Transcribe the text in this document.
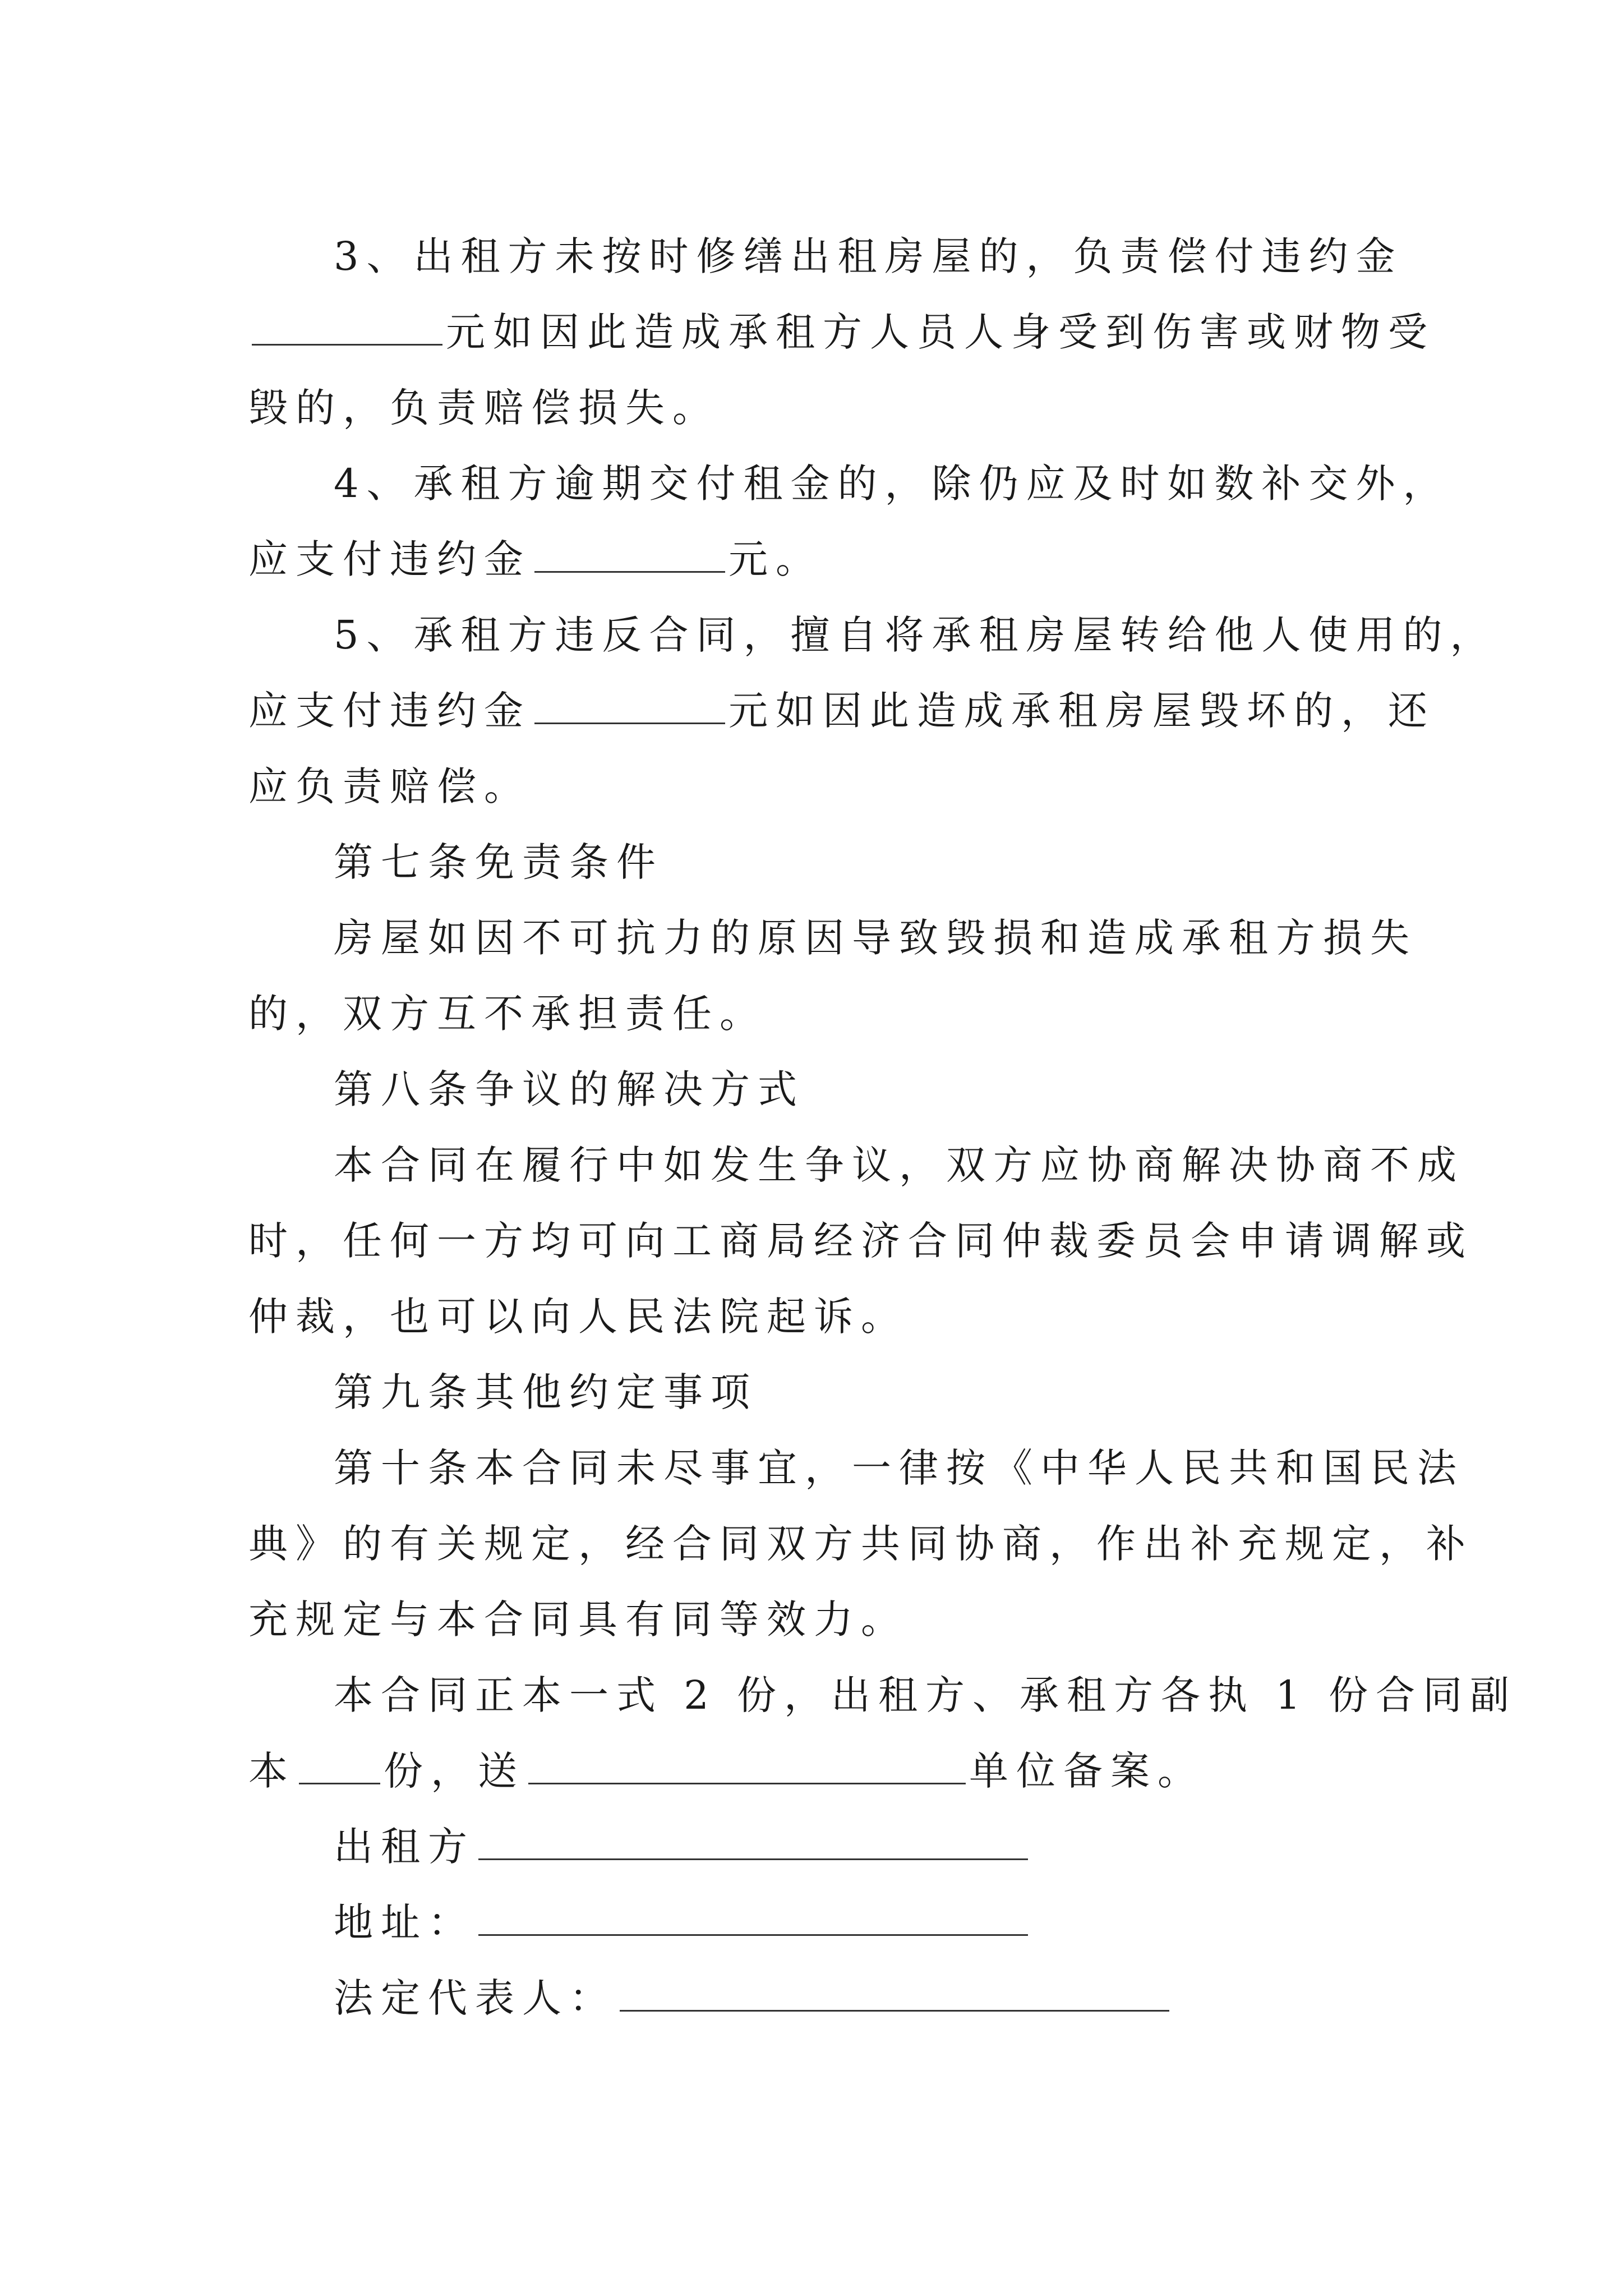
3、出租方未按时修缮出租房屋的，负责偿付违约金
元如因此造成承租方人员人身受到伤害或财物受
毁的，负责赔偿损失。
4、承租方逾期交付租金的，除仍应及时如数补交外，
应支付违约金	元。
5、承租方违反合同，擅自将承租房屋转给他人使用的，
应支付违约金	元如因此造成承租房屋毁坏的，还
应负责赔偿。
第七条免责条件
房屋如因不可抗力的原因导致毁损和造成承租方损失
的，双方互不承担责任。
第八条争议的解决方式
本合同在履行中如发生争议，双方应协商解决协商不成
时，任何一方均可向工商局经济合同仲裁委员会申请调解或
仲裁，也可以向人民法院起诉。
第九条其他约定事项
第十条本合同未尽事宜，一律按《中华人民共和国民法
典》的有关规定，经合同双方共同协商，作出补充规定，补
充规定与本合同具有同等效力。
本合同正本一式 2 份，出租方、承租方各执 1 份合同副
本 份，送	单位备案。
出租方
地址：
法定代表人：
